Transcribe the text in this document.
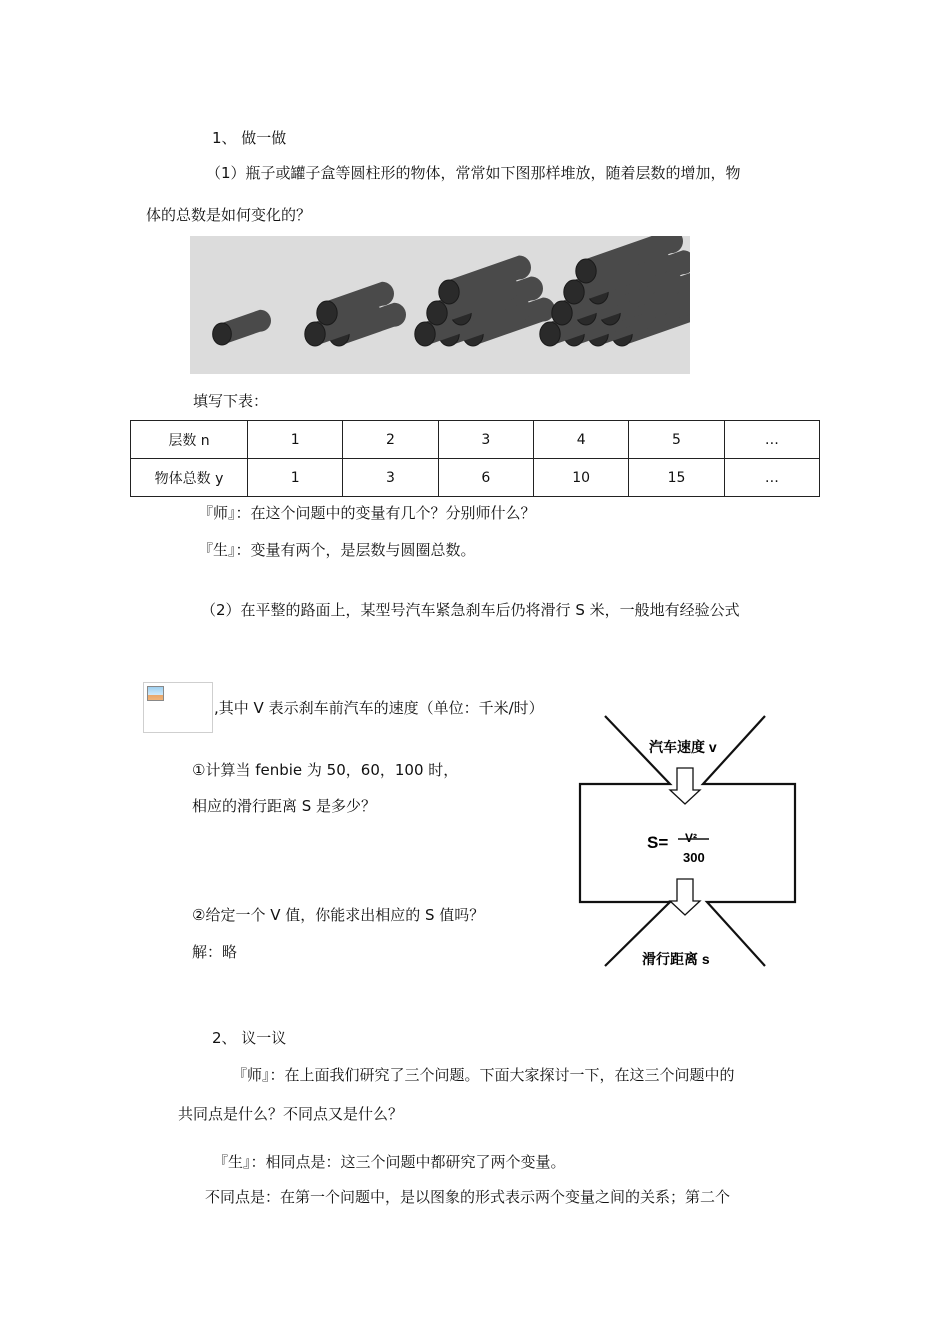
1、 做一做
（1）瓶子或罐子盒等圆柱形的物体，常常如下图那样堆放，随着层数的增加，物
体的总数是如何变化的？
填写下表：
层数 n	1	2	3	4	5	…
物体总数 y	1	3	6	10	15	…
『师』：在这个问题中的变量有几个？分别师什么？
『生』：变量有两个，是层数与圆圈总数。
（2）在平整的路面上，某型号汽车紧急刹车后仍将滑行 S 米，一般地有经验公式
,其中 V 表示刹车前汽车的速度（单位：千米/时）
①计算当 fenbie 为 50，60，100 时，
相应的滑行距离 S 是多少？
②给定一个 V 值，你能求出相应的 S 值吗？
解：略
汽车速度 v
S= V²
300
滑行距离 s
2、 议一议
『师』：在上面我们研究了三个问题。下面大家探讨一下，在这三个问题中的
共同点是什么？不同点又是什么？
『生』：相同点是：这三个问题中都研究了两个变量。
不同点是：在第一个问题中，是以图象的形式表示两个变量之间的关系；第二个
